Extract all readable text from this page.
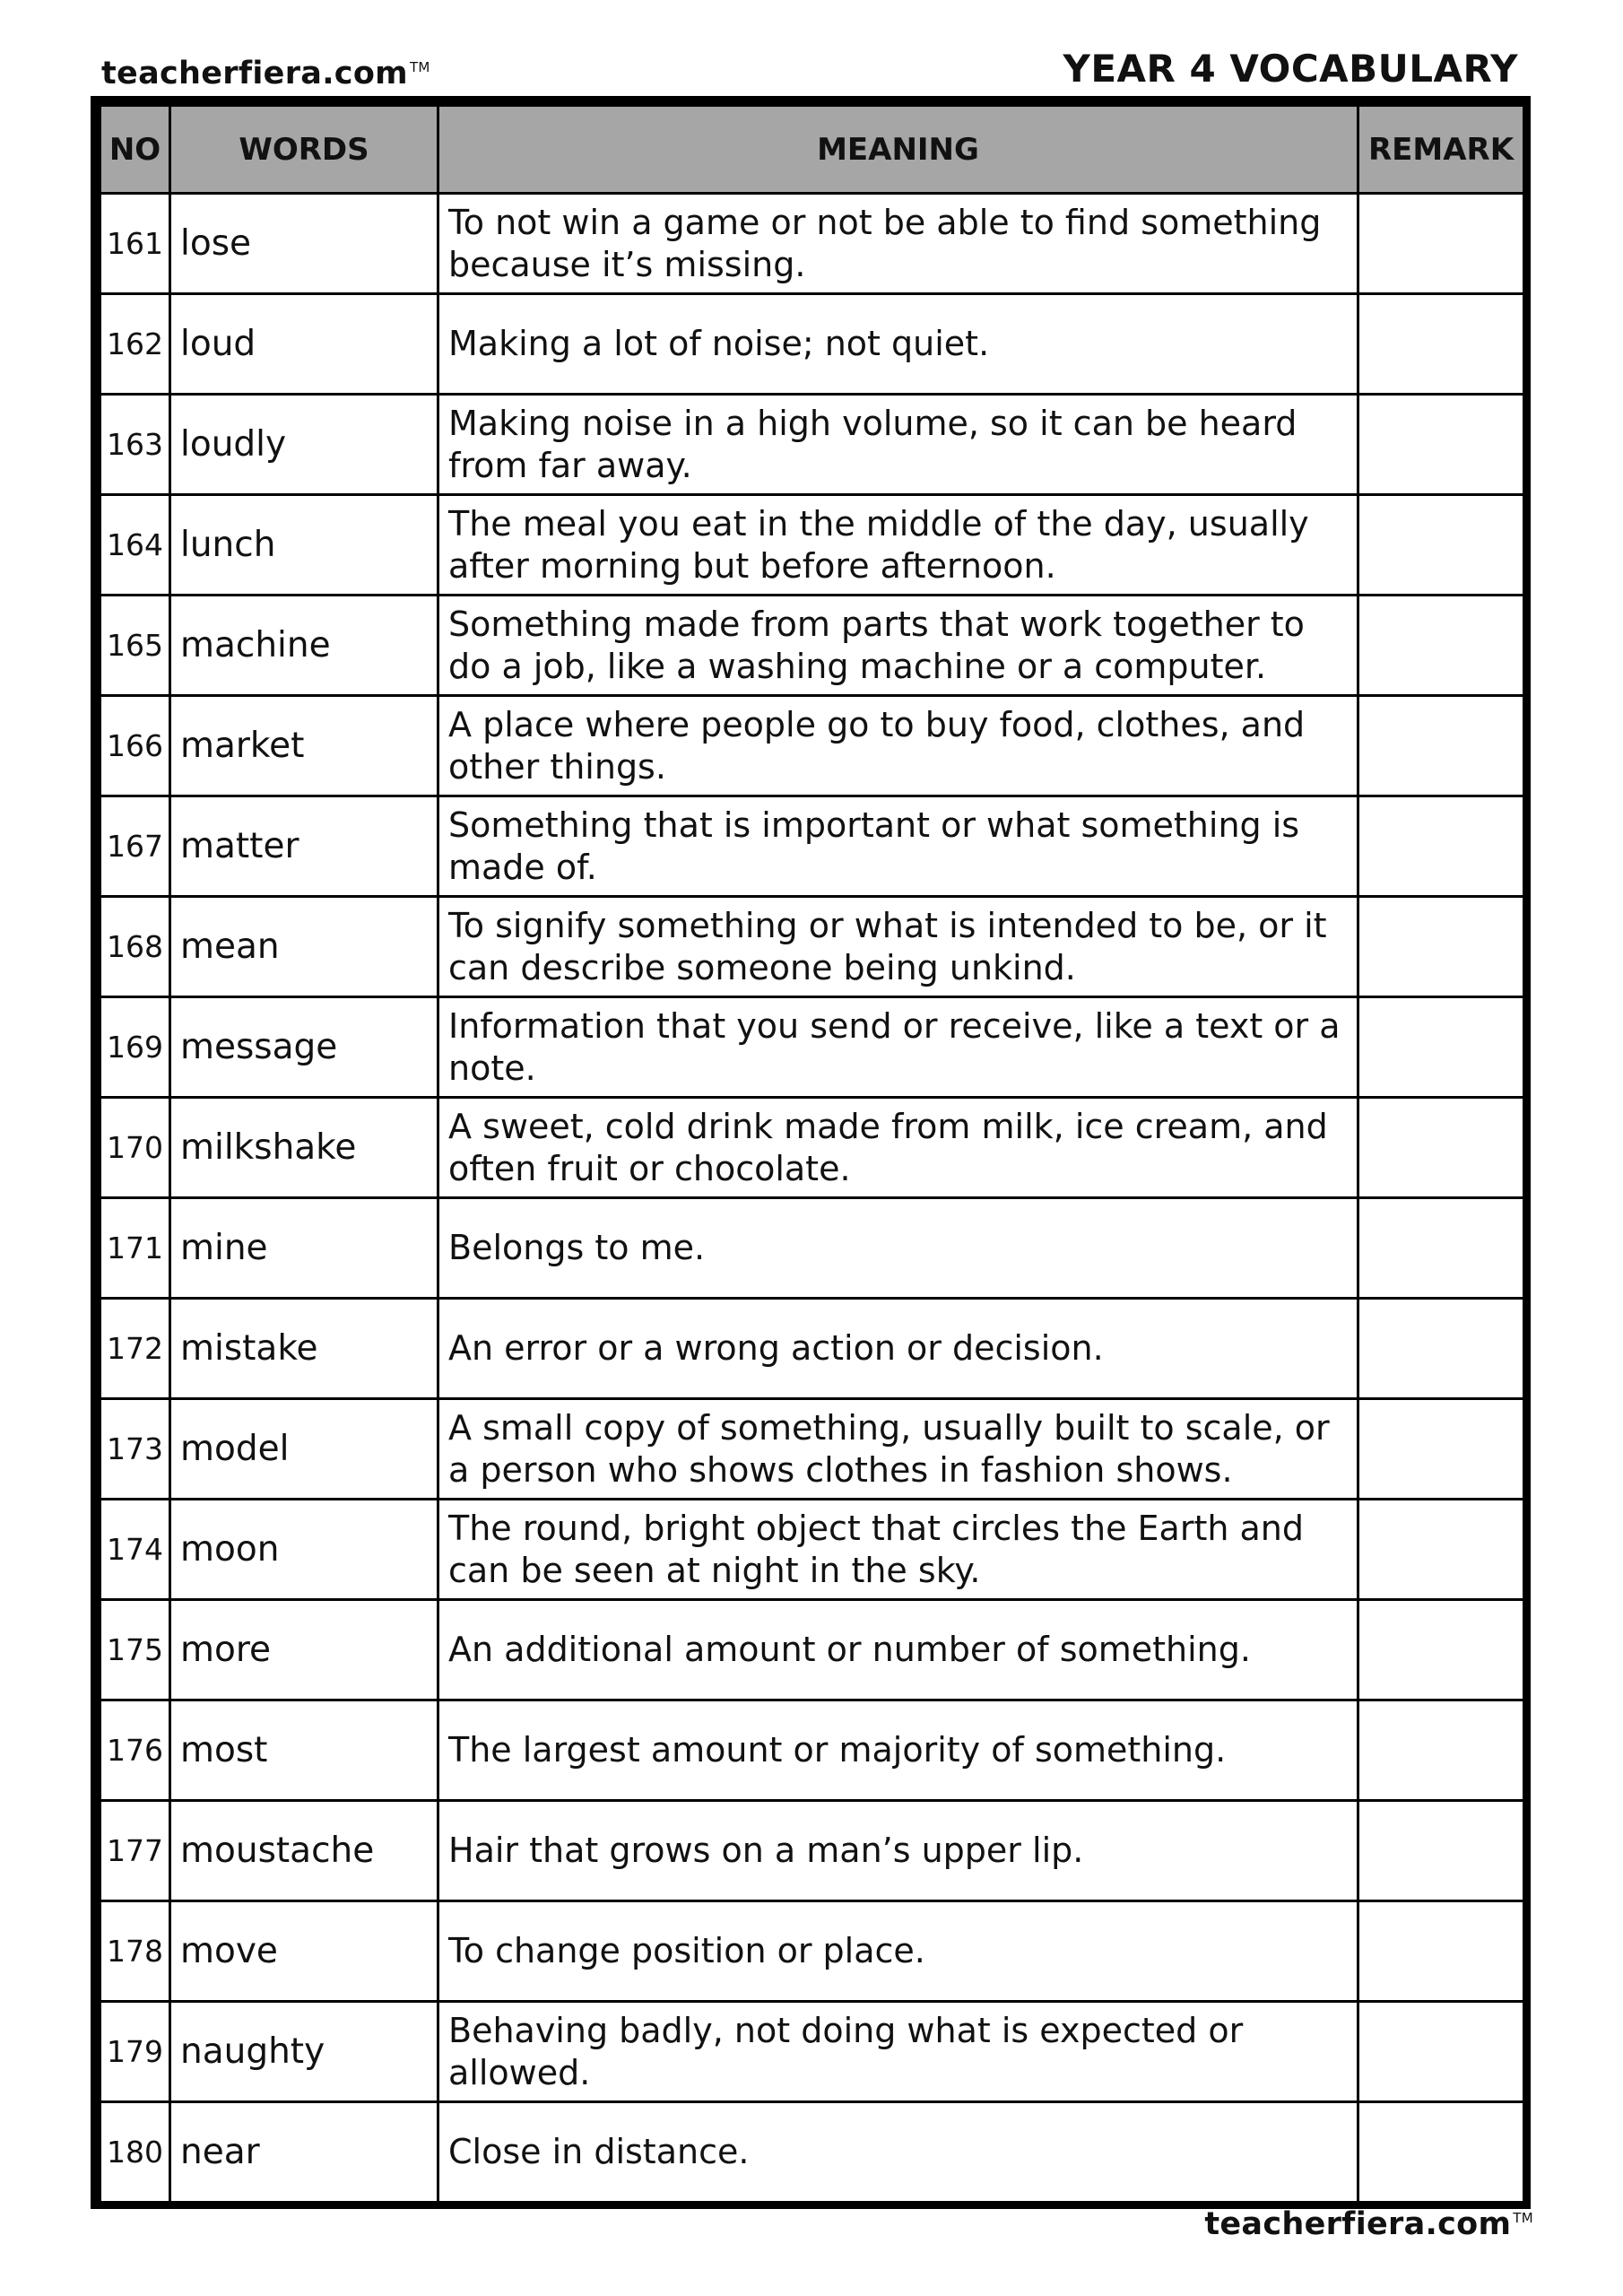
teacherfiera.com ™	YEAR 4 VOCABULARY
NO	WORDS	MEANING	REMARK
161	lose	To not win a game or not be able to find something because it’s missing.	
162	loud	Making a lot of noise; not quiet.	
163	loudly	Making noise in a high volume, so it can be heard from far away.	
164	lunch	The meal you eat in the middle of the day, usually after morning but before afternoon.	
165	machine	Something made from parts that work together to do a job, like a washing machine or a computer.	
166	market	A place where people go to buy food, clothes, and other things.	
167	matter	Something that is important or what something is made of.	
168	mean	To signify something or what is intended to be, or it can describe someone being unkind.	
169	message	Information that you send or receive, like a text or a note.	
170	milkshake	A sweet, cold drink made from milk, ice cream, and often fruit or chocolate.	
171	mine	Belongs to me.	
172	mistake	An error or a wrong action or decision.	
173	model	A small copy of something, usually built to scale, or a person who shows clothes in fashion shows.	
174	moon	The round, bright object that circles the Earth and can be seen at night in the sky.	
175	more	An additional amount or number of something.	
176	most	The largest amount or majority of something.	
177	moustache	Hair that grows on a man’s upper lip.	
178	move	To change position or place.	
179	naughty	Behaving badly, not doing what is expected or allowed.	
180	near	Close in distance.	
teacherfiera.com ™
